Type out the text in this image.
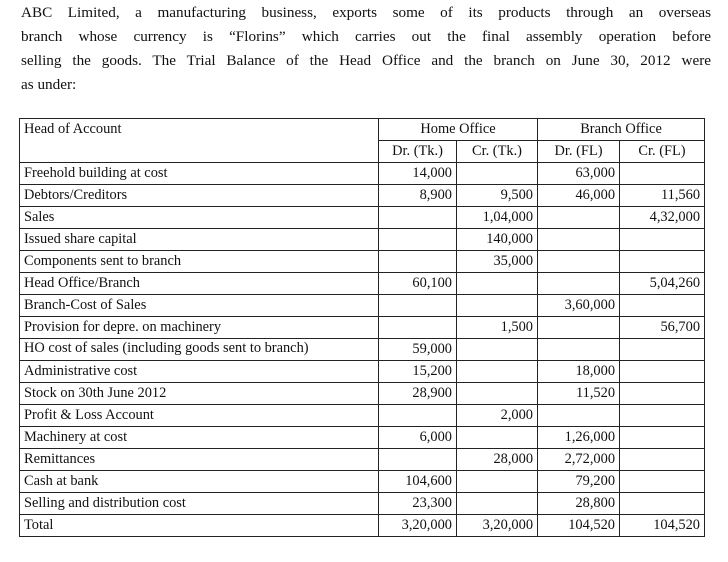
ABC Limited, a manufacturing business, exports some of its products through an overseas
branch whose currency is “Florins” which carries out the final assembly operation before
selling the goods. The Trial Balance of the Head Office and the branch on June 30, 2012 were
as under:
Head of Account	Home Office		Branch Office	
	Dr. (Tk.)	Cr. (Tk.)	Dr. (FL)	Cr. (FL)
Freehold building at cost	14,000		63,000	
Debtors/Creditors	8,900	9,500	46,000	11,560
Sales		1,04,000		4,32,000
Issued share capital		140,000		
Components sent to branch		35,000		
Head Office/Branch	60,100			5,04,260
Branch-Cost of Sales			3,60,000	
Provision for depre. on machinery		1,500		56,700
HO cost of sales (including goods sent to branch)	59,000			
Administrative cost	15,200		18,000	
Stock on 30th June 2012	28,900		11,520	
Profit & Loss Account		2,000		
Machinery at cost	6,000		1,26,000	
Remittances		28,000	2,72,000	
Cash at bank	104,600		79,200	
Selling and distribution cost	23,300		28,800	
Total	3,20,000	3,20,000	104,520	104,520
